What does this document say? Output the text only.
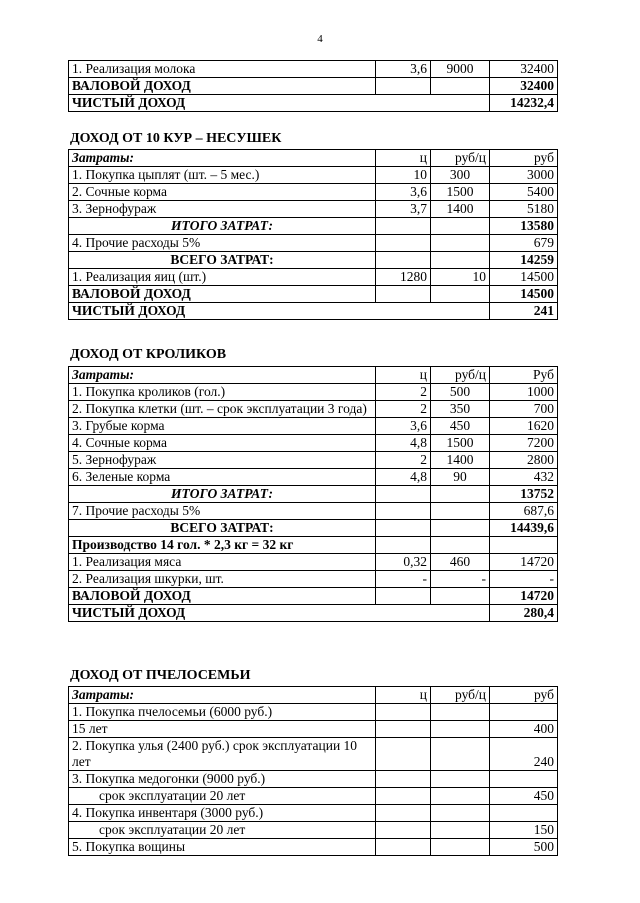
4
1. Реализация молока	3,6	9000	32400
ВАЛОВОЙ ДОХОД			32400
ЧИСТЫЙ ДОХОД			14232,4
ДОХОД ОТ 10 КУР – НЕСУШЕК
Затраты:	ц	руб/ц	руб
1. Покупка цыплят (шт. – 5 мес.)	10	300	3000
2. Сочные корма	3,6	1500	5400
3. Зернофураж	3,7	1400	5180
ИТОГО ЗАТРАТ:			13580
4. Прочие расходы 5%			679
ВСЕГО ЗАТРАТ:			14259
1. Реализация яиц (шт.)	1280	10	14500
ВАЛОВОЙ ДОХОД			14500
ЧИСТЫЙ ДОХОД			241
ДОХОД ОТ КРОЛИКОВ
Затраты:	ц	руб/ц	Руб
1. Покупка кроликов (гол.)	2	500	1000
2. Покупка клетки (шт. – срок эксплуатации 3 года)	2	350	700
3. Грубые корма	3,6	450	1620
4. Сочные корма	4,8	1500	7200
5. Зернофураж	2	1400	2800
6. Зеленые корма	4,8	90	432
ИТОГО ЗАТРАТ:			13752
7. Прочие расходы 5%			687,6
ВСЕГО ЗАТРАТ:			14439,6
Производство 14 гол. * 2,3 кг = 32 кг			
1. Реализация мяса	0,32	460	14720
2. Реализация шкурки, шт.	-	-	-
ВАЛОВОЙ ДОХОД			14720
ЧИСТЫЙ ДОХОД			280,4
ДОХОД ОТ ПЧЕЛОСЕМЬИ
Затраты:	ц	руб/ц	руб
1. Покупка пчелосемьи (6000 руб.)			
15 лет			400
2. Покупка улья (2400 руб.) срок эксплуатации 10 лет			240
3. Покупка медогонки (9000 руб.)			
срок эксплуатации 20 лет			450
4. Покупка инвентаря (3000 руб.)			
срок эксплуатации 20 лет			150
5. Покупка вощины			500
